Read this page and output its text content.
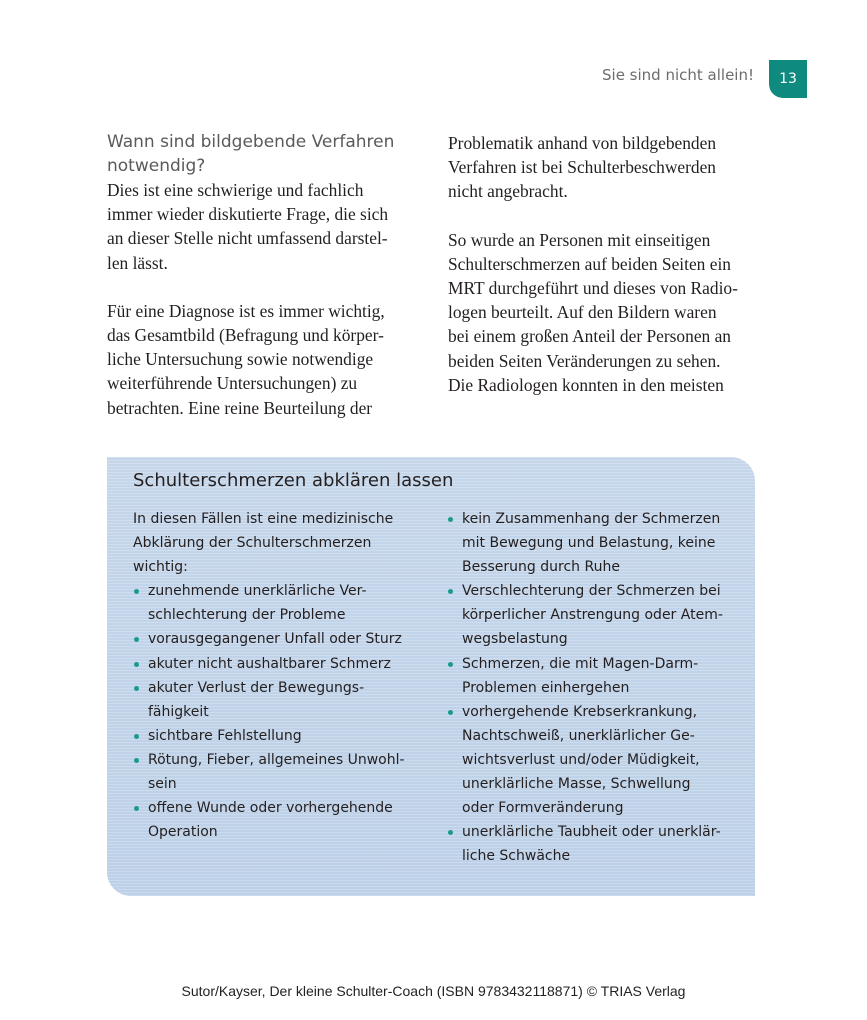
Sie sind nicht allein!	13
Wann sind bildgebende Verfahren
notwendig?

Dies ist eine schwierige und fachlich
immer wieder diskutierte Frage, die sich
an dieser Stelle nicht umfassend darstel-
len lässt.

Für eine Diagnose ist es immer wichtig,
das Gesamtbild (Befragung und körper-
liche Untersuchung sowie notwendige
weiterführende Untersuchungen) zu
betrachten. Eine reine Beurteilung der

Problematik anhand von bildgebenden
Verfahren ist bei Schulterbeschwerden
nicht angebracht.

So wurde an Personen mit einseitigen
Schulterschmerzen auf beiden Seiten ein
MRT durchgeführt und dieses von Radio-
logen beurteilt. Auf den Bildern waren
bei einem großen Anteil der Personen an
beiden Seiten Veränderungen zu sehen.
Die Radiologen konnten in den meisten

Schulterschmerzen abklären lassen

In diesen Fällen ist eine medizinische
Abklärung der Schulterschmerzen
wichtig:

zunehmende unerklärliche Ver-
schlechterung der Probleme
vorausgegangener Unfall oder Sturz
akuter nicht aushaltbarer Schmerz
akuter Verlust der Bewegungs-
fähigkeit
sichtbare Fehlstellung
Rötung, Fieber, allgemeines Unwohl-
sein
offene Wunde oder vorhergehende
Operation
kein Zusammenhang der Schmerzen
mit Bewegung und Belastung, keine
Besserung durch Ruhe
Verschlechterung der Schmerzen bei
körperlicher Anstrengung oder Atem-
wegsbelastung
Schmerzen, die mit Magen-Darm-
Problemen einhergehen
vorhergehende Krebserkrankung,
Nachtschweiß, unerklärlicher Ge-
wichtsverlust und/oder Müdigkeit,
unerklärliche Masse, Schwellung
oder Formveränderung
unerklärliche Taubheit oder unerklär-
liche Schwäche
Sutor/Kayser, Der kleine Schulter-Coach (ISBN 9783432118871) © TRIAS Verlag
